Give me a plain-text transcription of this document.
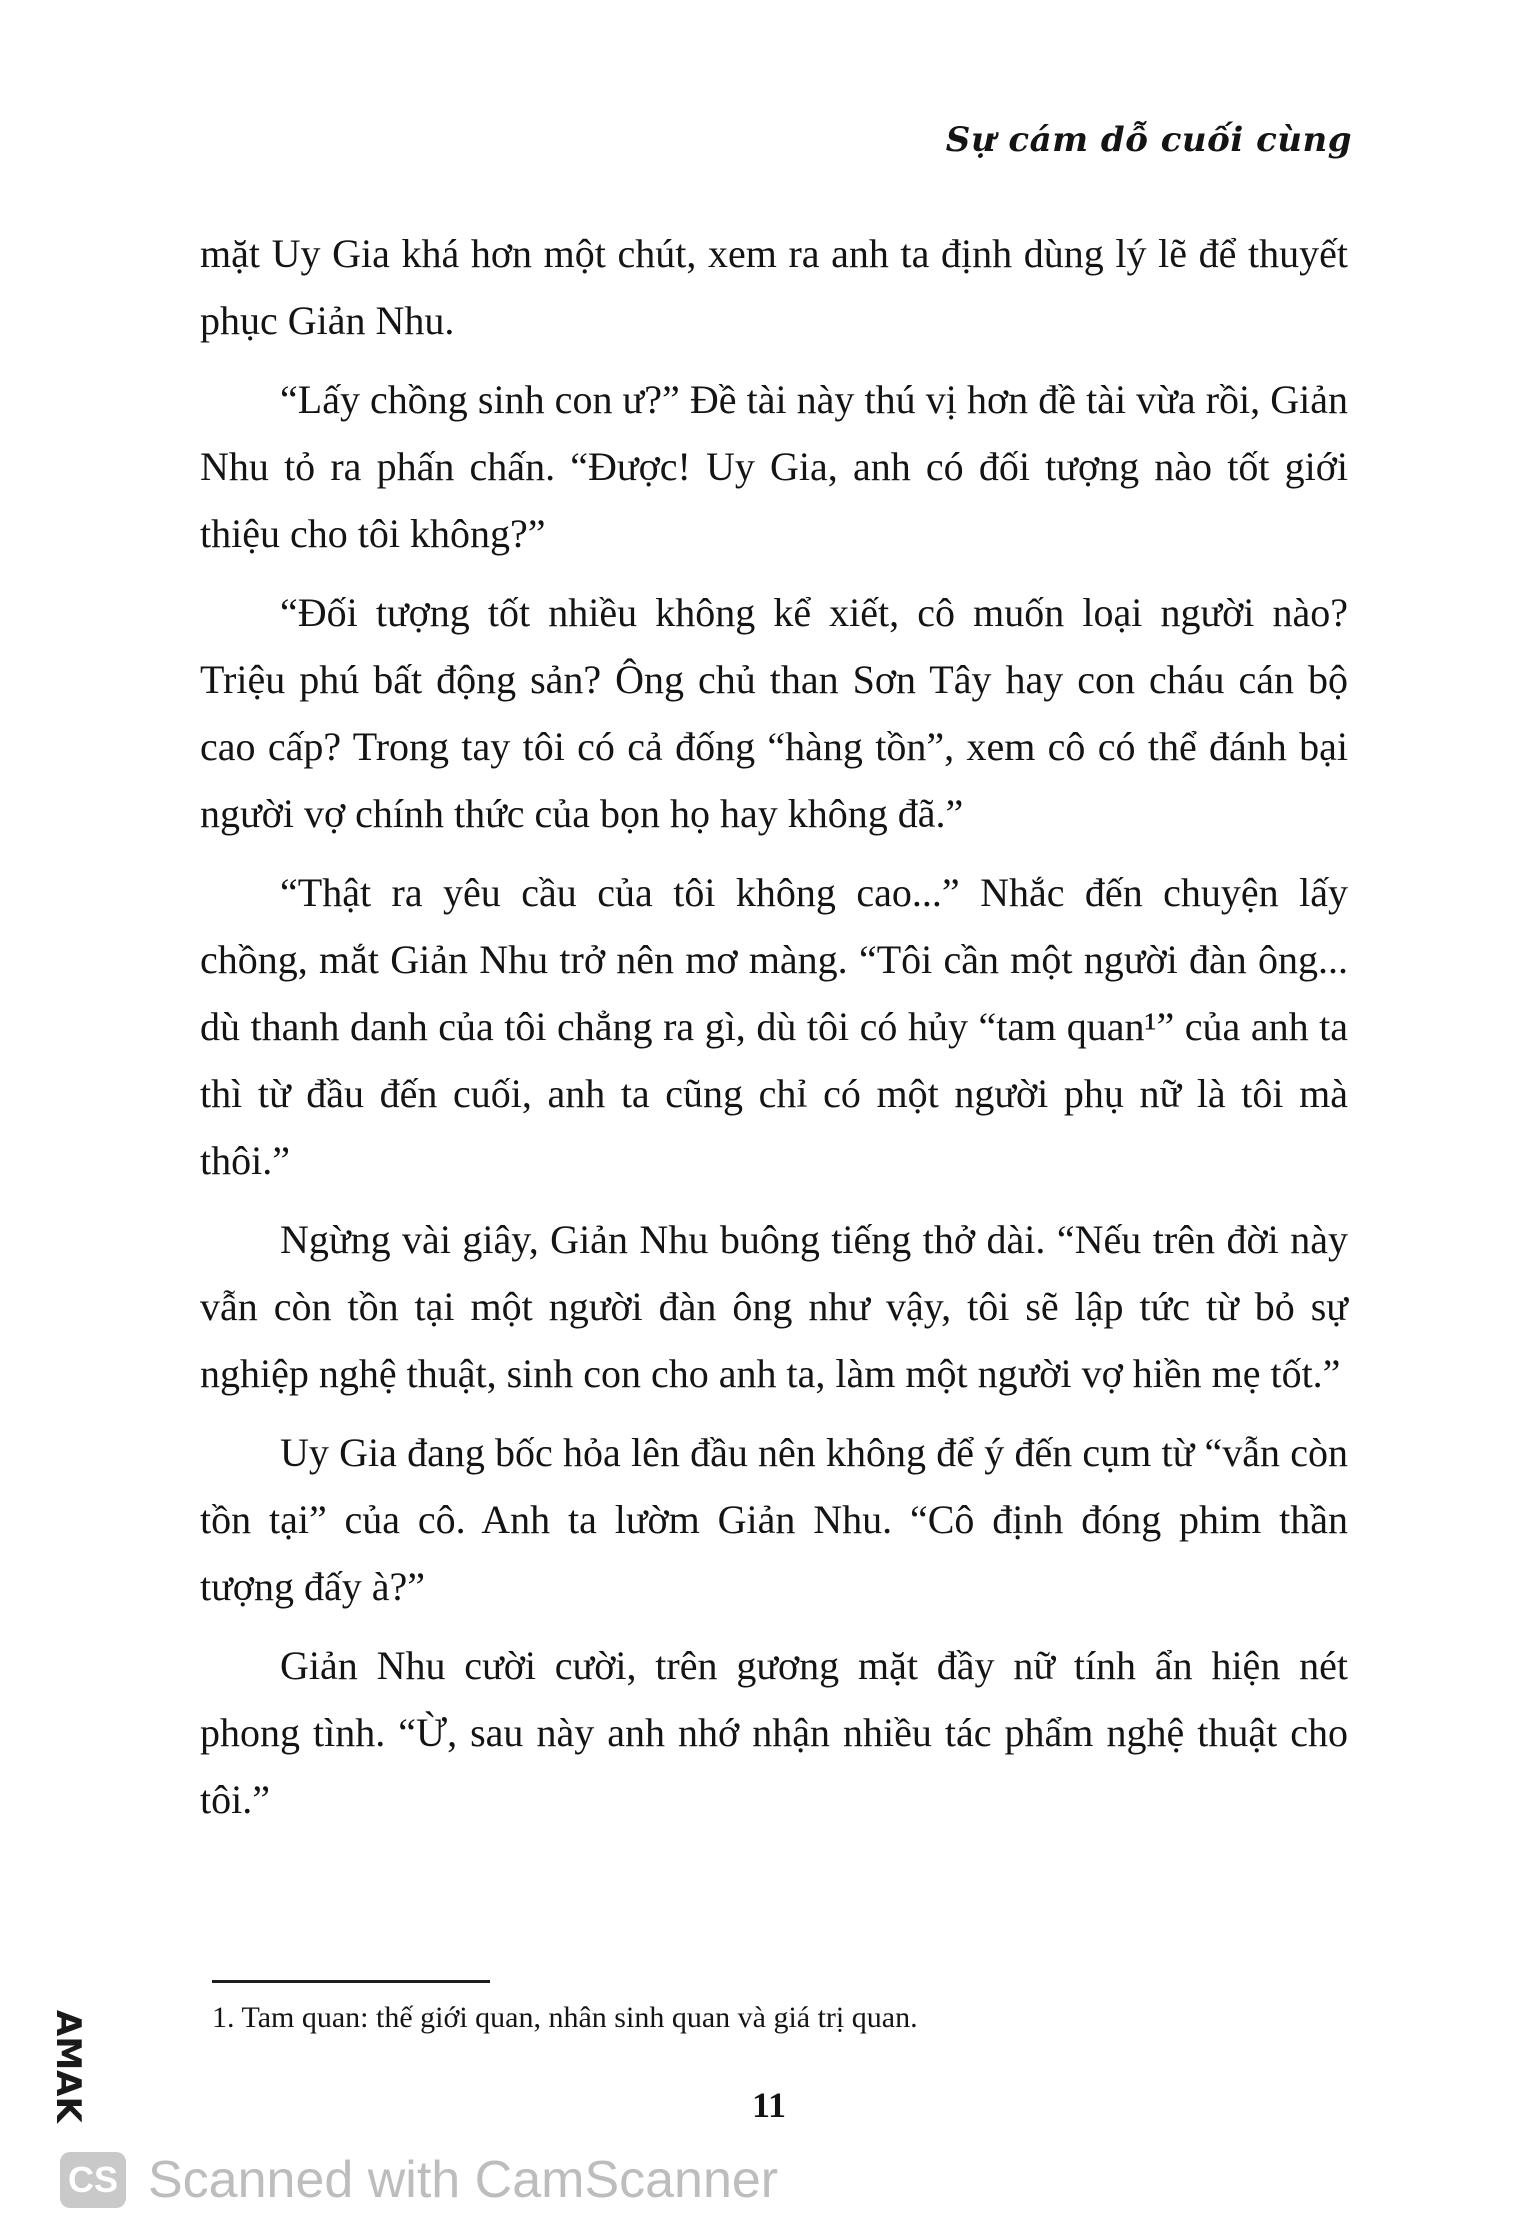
Sự cám dỗ cuối cùng

mặt Uy Gia khá hơn một chút, xem ra anh ta định dùng lý lẽ để thuyết phục Giản Nhu.

“Lấy chồng sinh con ư?” Đề tài này thú vị hơn đề tài vừa rồi, Giản Nhu tỏ ra phấn chấn. “Được! Uy Gia, anh có đối tượng nào tốt giới thiệu cho tôi không?”

“Đối tượng tốt nhiều không kể xiết, cô muốn loại người nào? Triệu phú bất động sản? Ông chủ than Sơn Tây hay con cháu cán bộ cao cấp? Trong tay tôi có cả đống “hàng tồn”, xem cô có thể đánh bại người vợ chính thức của bọn họ hay không đã.”

“Thật ra yêu cầu của tôi không cao...” Nhắc đến chuyện lấy chồng, mắt Giản Nhu trở nên mơ màng. “Tôi cần một người đàn ông... dù thanh danh của tôi chẳng ra gì, dù tôi có hủy “tam quan¹” của anh ta thì từ đầu đến cuối, anh ta cũng chỉ có một người phụ nữ là tôi mà thôi.”

Ngừng vài giây, Giản Nhu buông tiếng thở dài. “Nếu trên đời này vẫn còn tồn tại một người đàn ông như vậy, tôi sẽ lập tức từ bỏ sự nghiệp nghệ thuật, sinh con cho anh ta, làm một người vợ hiền mẹ tốt.”

Uy Gia đang bốc hỏa lên đầu nên không để ý đến cụm từ “vẫn còn tồn tại” của cô. Anh ta lườm Giản Nhu. “Cô định đóng phim thần tượng đấy à?”

Giản Nhu cười cười, trên gương mặt đầy nữ tính ẩn hiện nét phong tình. “Ừ, sau này anh nhớ nhận nhiều tác phẩm nghệ thuật cho tôi.”

1. Tam quan: thế giới quan, nhân sinh quan và giá trị quan.
11
AMAK
CS Scanned with CamScanner
